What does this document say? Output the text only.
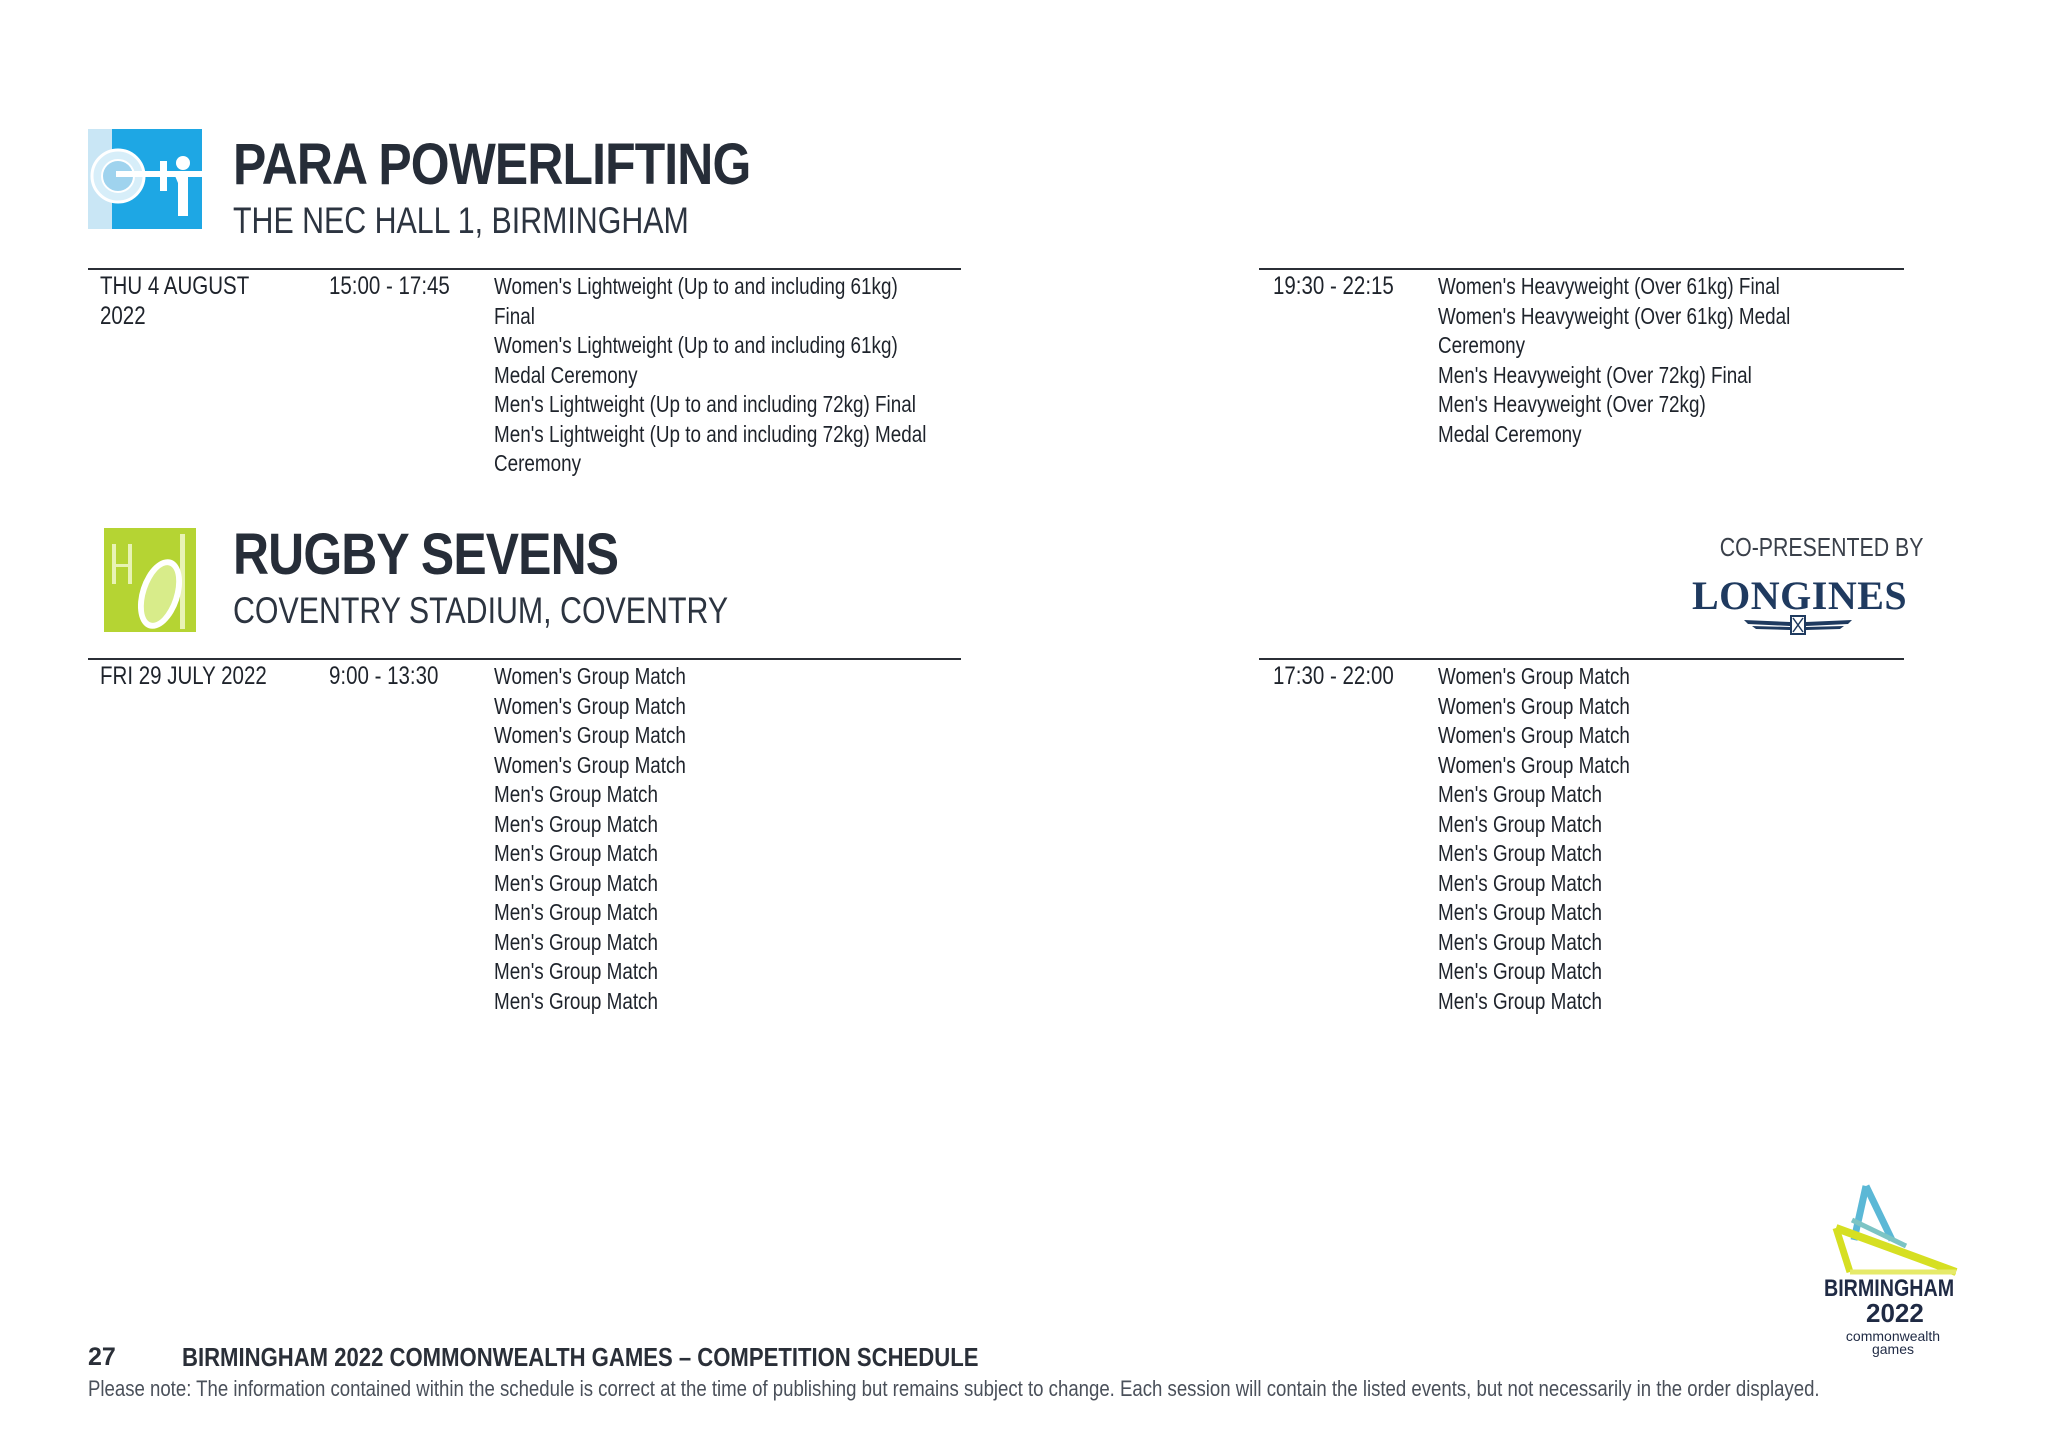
PARA POWERLIFTING
THE NEC HALL 1, BIRMINGHAM
THU 4 AUGUST
2022
15:00 - 17:45 Women's Lightweight (Up to and including 61kg)
Final
Women's Lightweight (Up to and including 61kg)
Medal Ceremony
Men's Lightweight (Up to and including 72kg) Final
Men's Lightweight (Up to and including 72kg) Medal
Ceremony
19:30 - 22:15 Women's Heavyweight (Over 61kg) Final
Women's Heavyweight (Over 61kg) Medal
Ceremony
Men's Heavyweight (Over 72kg) Final
Men's Heavyweight (Over 72kg)
Medal Ceremony
RUGBY SEVENS
COVENTRY STADIUM, COVENTRY
CO-PRESENTED BY
LONGINES
FRI 29 JULY 2022 9:00 - 13:30 Women's Group Match
Women's Group Match
Women's Group Match
Women's Group Match
Men's Group Match
Men's Group Match
Men's Group Match
Men's Group Match
Men's Group Match
Men's Group Match
Men's Group Match
Men's Group Match
17:30 - 22:00 Women's Group Match
Women's Group Match
Women's Group Match
Women's Group Match
Men's Group Match
Men's Group Match
Men's Group Match
Men's Group Match
Men's Group Match
Men's Group Match
Men's Group Match
Men's Group Match
BIRMINGHAM
2022
commonwealth
games
27	BIRMINGHAM 2022 COMMONWEALTH GAMES – COMPETITION SCHEDULE
Please note: The information contained within the schedule is correct at the time of publishing but remains subject to change. Each session will contain the listed events, but not necessarily in the order displayed.
